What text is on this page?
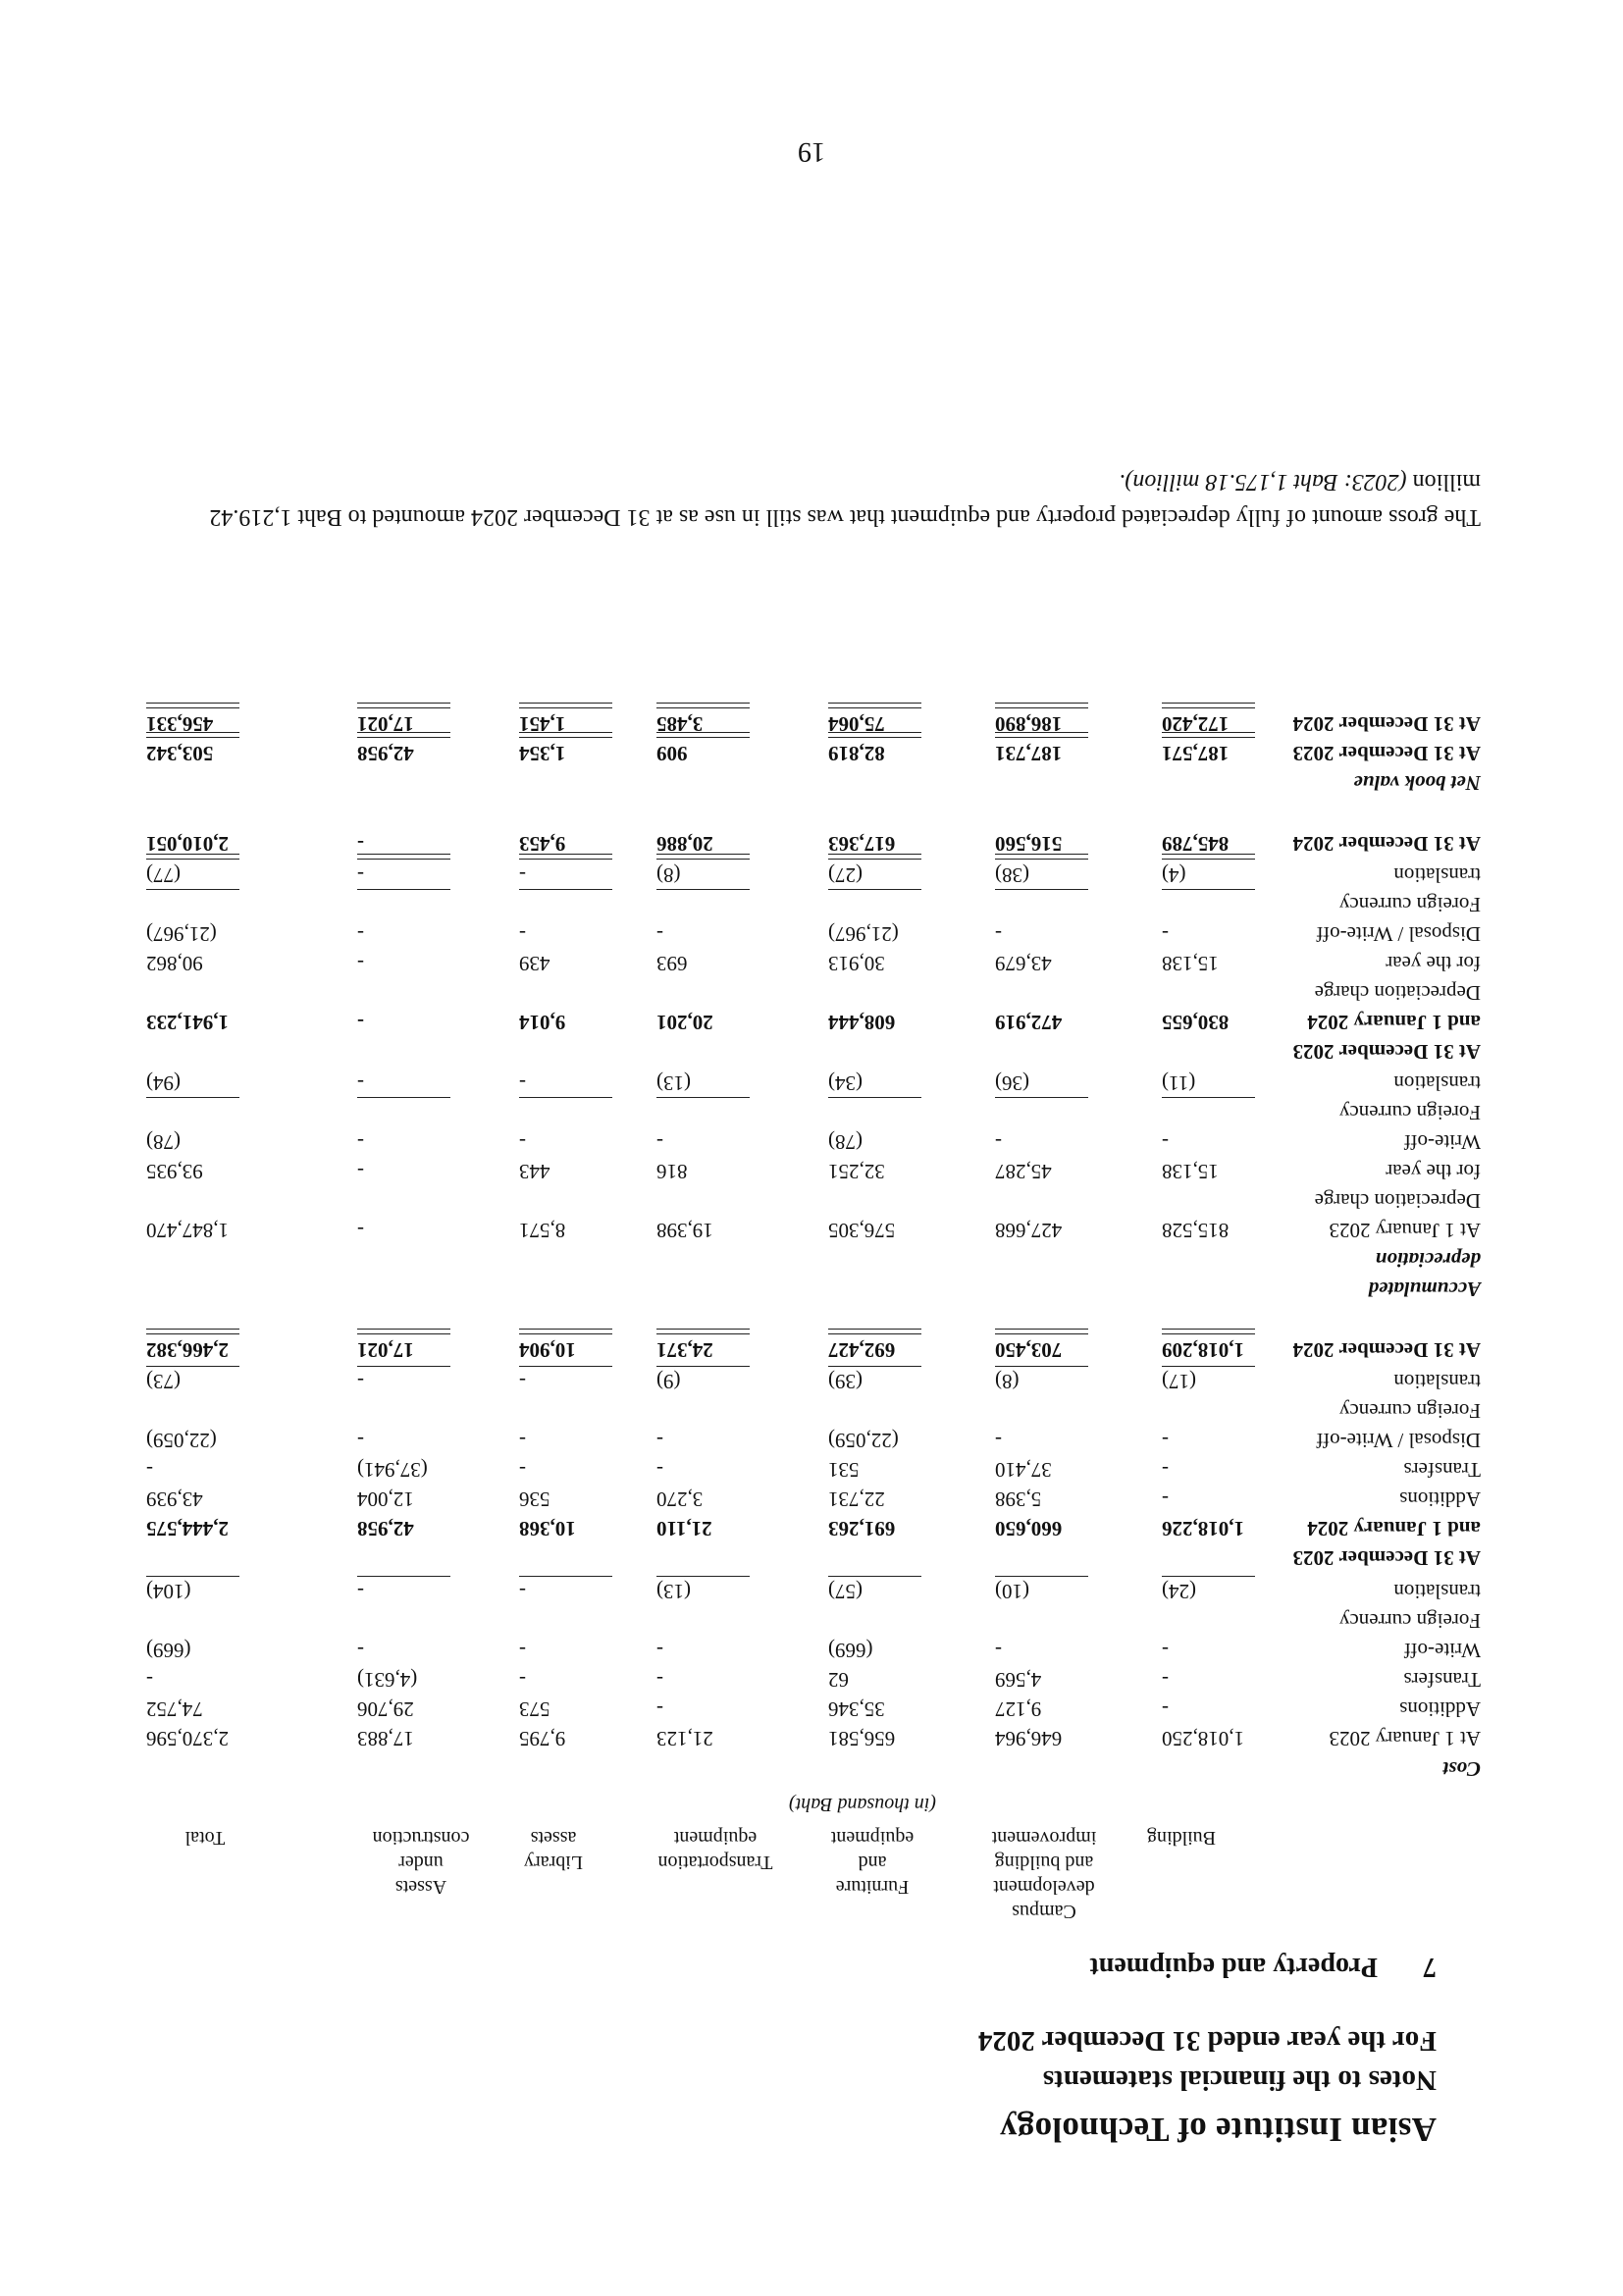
Asian Institute of Technology
Notes to the financial statements
For the year ended 31 December 2024
7Property and equipment
Building
Campus
development
and building
improvement
Furniture
and
equipment
Transportation
equipment
Library
assets
Assets
under
construction
Total
(in thousand Baht)
Cost
At 1 January 2023
1,018,250
646,964
656,581
21,123
9,795
17,883
2,370,596
Additions
-
9,127
35,346
-
573
29,706
74,752
Transfers
-
4,569
62
-
-
(4,631)
-
Write-off
-
-
(669)
-
-
-
(669)
Foreign currency
translation
(24)
(10)
(57)
(13)
-
-
(104)
At 31 December 2023
and 1 January 2024
1,018,226
660,650
691,263
21,110
10,368
42,958
2,444,575
Additions
-
5,398
22,731
3,270
536
12,004
43,939
Transfers
-
37,410
531
-
-
(37,941)
-
Disposal / Write-off
-
-
(22,059)
-
-
-
(22,059)
Foreign currency
translation
(17)
(8)
(39)
(9)
-
-
(73)
At 31 December 2024
1,018,209
703,450
692,427
24,371
10,904
17,021
2,466,382
Accumulated
depreciation
At 1 January 2023
815,528
427,668
576,305
19,398
8,571
-
1,847,470
Depreciation charge
for the year
15,138
45,287
32,251
816
443
-
93,935
Write-off
-
-
(78)
-
-
-
(78)
Foreign currency
translation
(11)
(36)
(34)
(13)
-
-
(94)
At 31 December 2023
and 1 January 2024
830,655
472,919
608,444
20,201
9,014
-
1,941,233
Depreciation charge
for the year
15,138
43,679
30,913
693
439
-
90,862
Disposal / Write-off
-
-
(21,967)
-
-
-
(21,967)
Foreign currency
translation
(4)
(38)
(27)
(8)
-
-
(77)
At 31 December 2024
845,789
516,560
617,363
20,886
9,453
-
2,010,051
Net book value
At 31 December 2023
187,571
187,731
82,819
909
1,354
42,958
503,342
At 31 December 2024
172,420
186,890
75,064
3,485
1,451
17,021
456,331
The gross amount of fully depreciated property and equipment that was still in use as at 31 December 2024 amounted to Baht 1,219.42 million (2023: Baht 1,175.18 million).
19
